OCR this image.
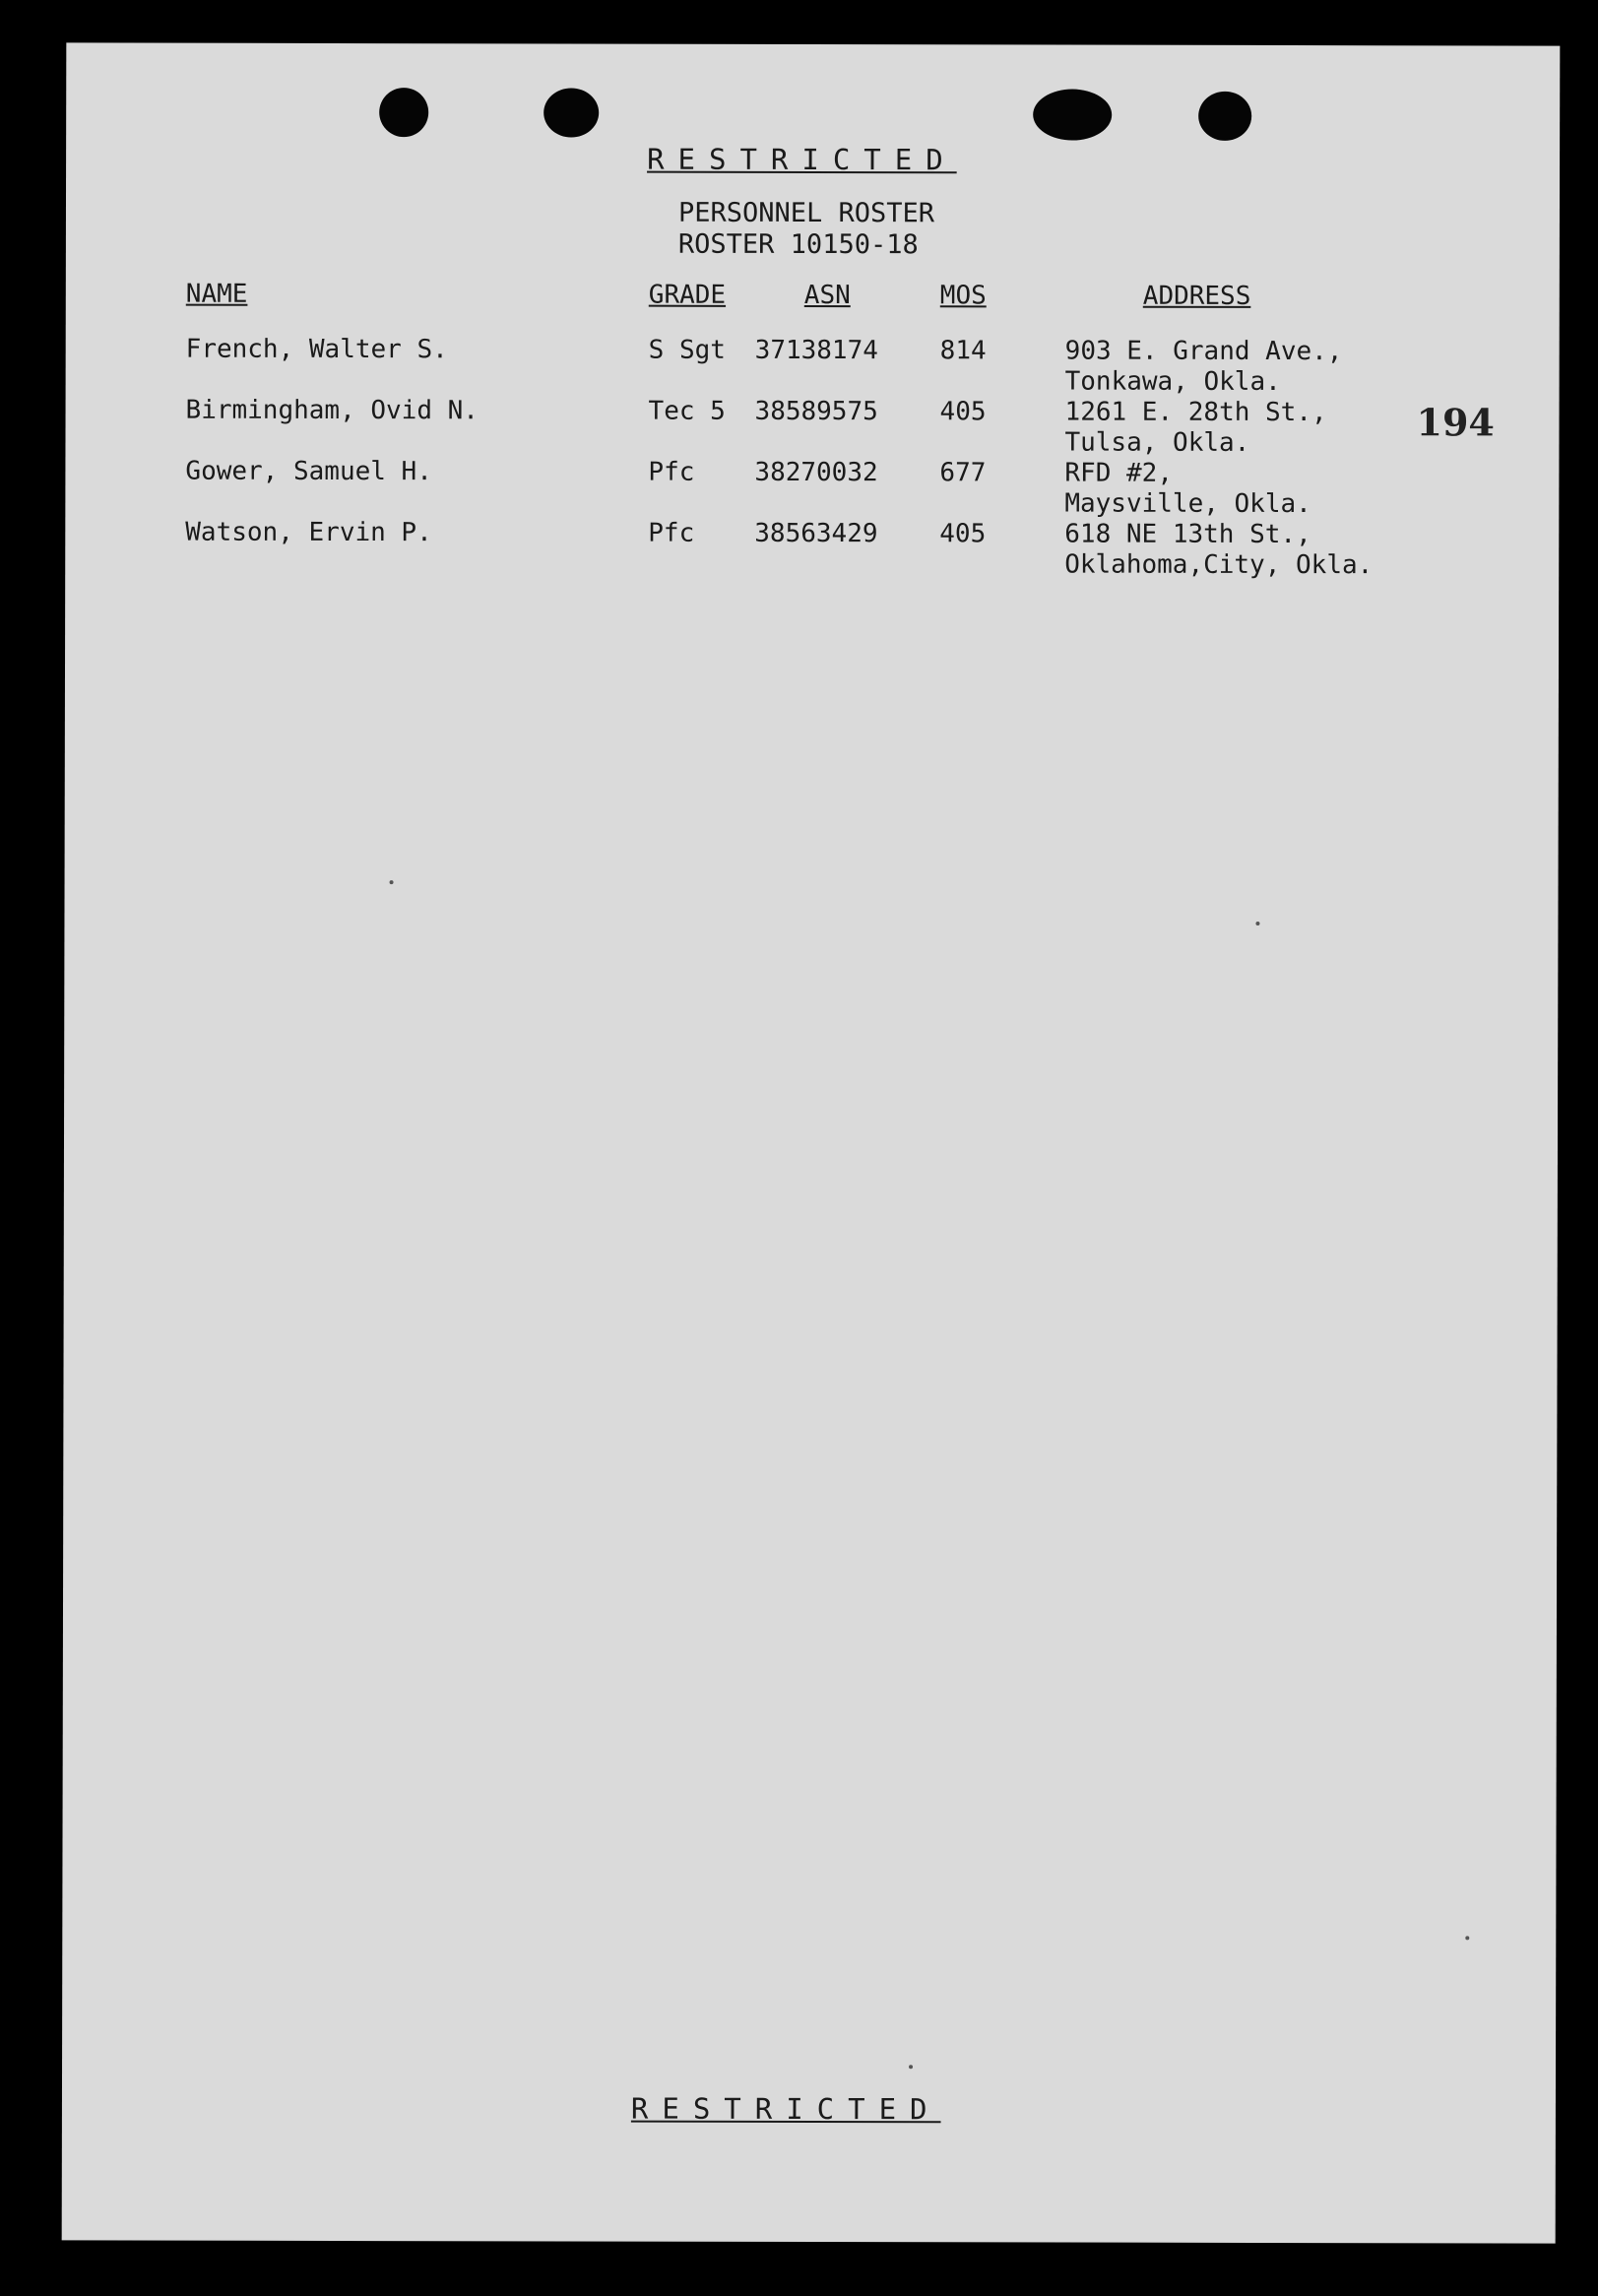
RESTRICTED
PERSONNEL ROSTER
ROSTER 10150-18
NAME	GRADE	ASN	MOS	ADDRESS
French, Walter S.	S Sgt 37138174 814	903 E. Grand Ave.,
Tonkawa, Okla.
Birmingham, Ovid N.	Tec 5 38589575 405	1261 E. 28th St.,
Tulsa, Okla.
Gower, Samuel H.	Pfc 38270032 677	RFD #2,
Maysville, Okla.
Watson, Ervin P.	Pfc 38563429 405	618 NE 13th St.,
Oklahoma,City, Okla.
194
RESTRICTED
